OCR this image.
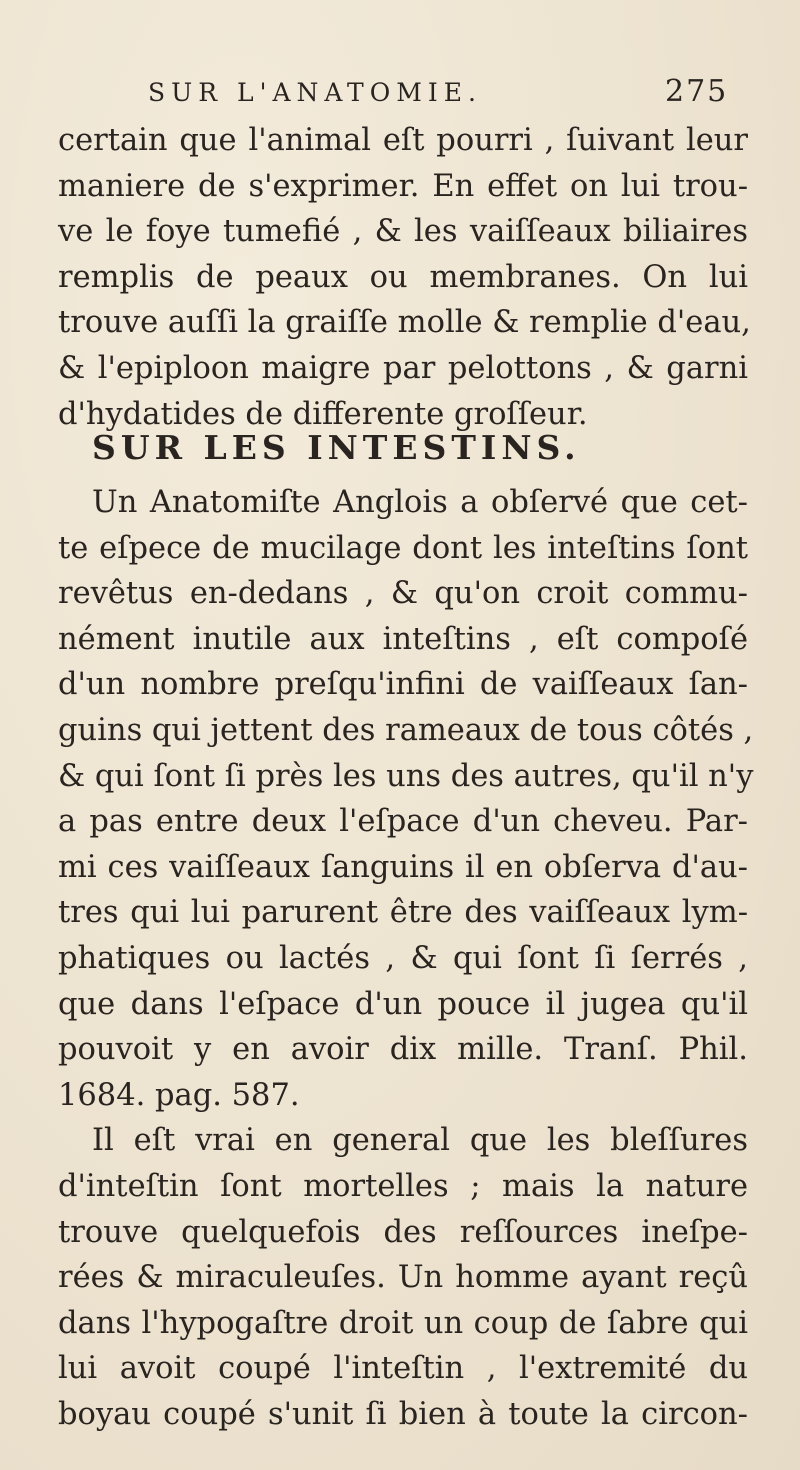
SUR L'ANATOMIE.	275
certain que l'animal eſt pourri , ſuivant leur
maniere de s'exprimer. En effet on lui trou-
ve le foye tumefié , & les vaiſſeaux biliaires
remplis de peaux ou membranes. On lui
trouve auſſi la graiſſe molle & remplie d'eau,
& l'epiploon maigre par pelottons , & garni
d'hydatides de differente groſſeur.
SUR LES INTESTINS.
Un Anatomiſte Anglois a obſervé que cet-
te eſpece de mucilage dont les inteſtins ſont
revêtus en-dedans , & qu'on croit commu-
nément inutile aux inteſtins , eſt compoſé
d'un nombre preſqu'infini de vaiſſeaux ſan-
guins qui jettent des rameaux de tous côtés ,
& qui ſont ſi près les uns des autres, qu'il n'y
a pas entre deux l'eſpace d'un cheveu. Par-
mi ces vaiſſeaux ſanguins il en obſerva d'au-
tres qui lui parurent être des vaiſſeaux lym-
phatiques ou lactés , & qui ſont ſi ſerrés ,
que dans l'eſpace d'un pouce il jugea qu'il
pouvoit y en avoir dix mille. Tranſ. Phil.
1684. pag. 587.
Il eſt vrai en general que les bleſſures
d'inteſtin ſont mortelles ; mais la nature
trouve quelquefois des reſſources ineſpe-
rées & miraculeuſes. Un homme ayant reçû
dans l'hypogaſtre droit un coup de ſabre qui
lui avoit coupé l'inteſtin , l'extremité du
boyau coupé s'unit ſi bien à toute la circon-
